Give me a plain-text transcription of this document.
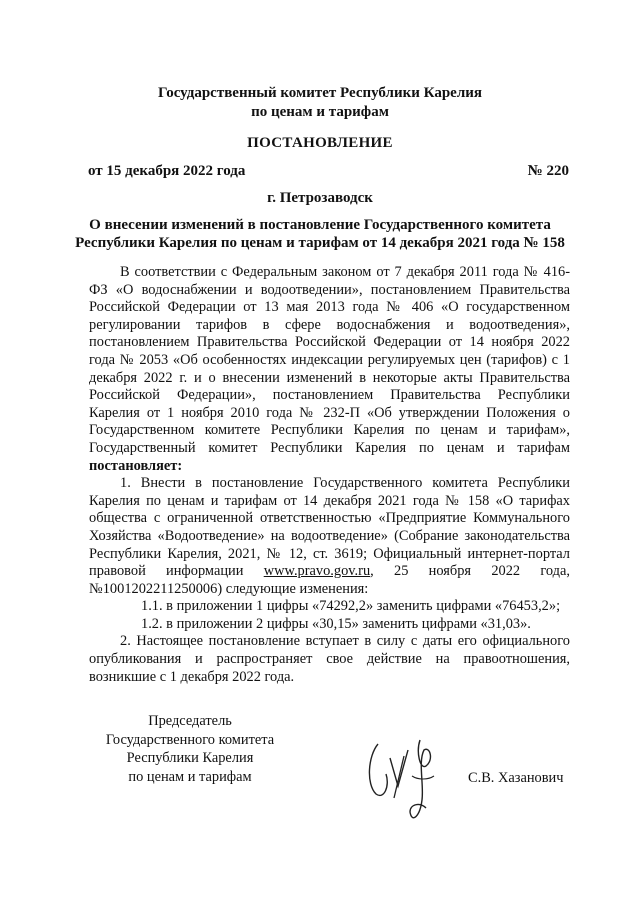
Государственный комитет Республики Карелия
по ценам и тарифам
ПОСТАНОВЛЕНИЕ
от 15 декабря 2022 года	№ 220
г. Петрозаводск
О внесении изменений в постановление Государственного комитета
Республики Карелия по ценам и тарифам от 14 декабря 2021 года № 158

В соответствии с Федеральным законом от 7 декабря 2011 года № 416-ФЗ «О водоснабжении и водоотведении», постановлением Правительства Российской Федерации от 13 мая 2013 года № 406 «О государственном регулировании тарифов в сфере водоснабжения и водоотведения», постановлением Правительства Российской Федерации от 14 ноября 2022 года № 2053 «Об особенностях индексации регулируемых цен (тарифов) с 1 декабря 2022 г. и о внесении изменений в некоторые акты Правительства Российской Федерации», постановлением Правительства Республики Карелия от 1 ноября 2010 года № 232-П «Об утверждении Положения о Государственном комитете Республики Карелия по ценам и тарифам», Государственный комитет Республики Карелия по ценам и тарифам постановляет:

1. Внести в постановление Государственного комитета Республики Карелия по ценам и тарифам от 14 декабря 2021 года № 158 «О тарифах общества с ограниченной ответственностью «Предприятие Коммунального Хозяйства «Водоотведение» на водоотведение» (Собрание законодательства Республики Карелия, 2021, № 12, ст. 3619; Официальный интернет-портал правовой информации www.pravo.gov.ru, 25 ноября 2022 года, №1001202211250006) следующие изменения:

1.1. в приложении 1 цифры «74292,2» заменить цифрами «76453,2»;

1.2. в приложении 2 цифры «30,15» заменить цифрами «31,03».

2. Настоящее постановление вступает в силу с даты его официального опубликования и распространяет свое действие на правоотношения, возникшие с 1 декабря 2022 года.

Председатель
Государственного комитета
Республики Карелия
по ценам и тарифам	С.В. Хазанович
